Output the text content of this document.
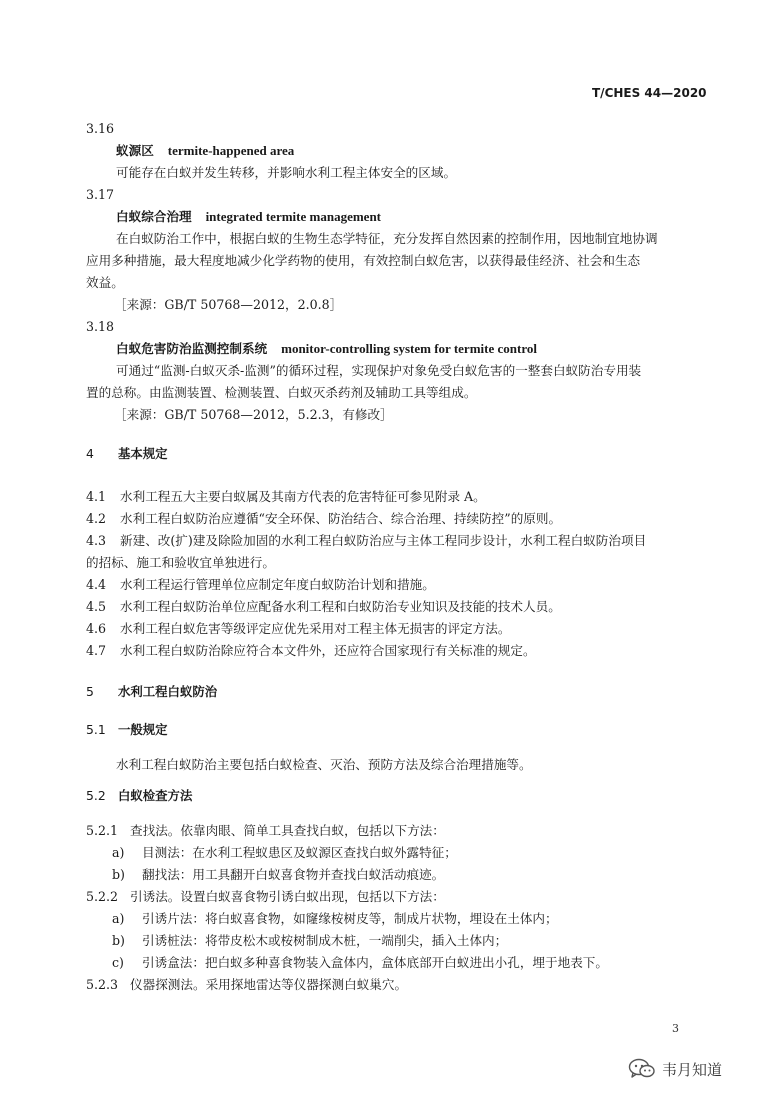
T/CHES 44—2020
3.16
蚁源区 termite-happened area
可能存在白蚁并发生转移，并影响水利工程主体安全的区域。
3.17
白蚁综合治理 integrated termite management
在白蚁防治工作中，根据白蚁的生物生态学特征，充分发挥自然因素的控制作用，因地制宜地协调
应用多种措施，最大程度地减少化学药物的使用，有效控制白蚁危害，以获得最佳经济、社会和生态
效益。
［来源：GB/T 50768—2012，2.0.8］
3.18
白蚁危害防治监测控制系统 monitor-controlling system for termite control
可通过“监测-白蚁灭杀-监测”的循环过程，实现保护对象免受白蚁危害的一整套白蚁防治专用装
置的总称。由监测装置、检测装置、白蚁灭杀药剂及辅助工具等组成。
［来源：GB/T 50768—2012，5.2.3，有修改］
4 基本规定
4.1 水利工程五大主要白蚁属及其南方代表的危害特征可参见附录 A。
4.2 水利工程白蚁防治应遵循“安全环保、防治结合、综合治理、持续防控”的原则。
4.3 新建、改(扩)建及除险加固的水利工程白蚁防治应与主体工程同步设计，水利工程白蚁防治项目
的招标、施工和验收宜单独进行。
4.4 水利工程运行管理单位应制定年度白蚁防治计划和措施。
4.5 水利工程白蚁防治单位应配备水利工程和白蚁防治专业知识及技能的技术人员。
4.6 水利工程白蚁危害等级评定应优先采用对工程主体无损害的评定方法。
4.7 水利工程白蚁防治除应符合本文件外，还应符合国家现行有关标准的规定。
5 水利工程白蚁防治
5.1 一般规定
水利工程白蚁防治主要包括白蚁检查、灭治、预防方法及综合治理措施等。
5.2 白蚁检查方法
5.2.1 查找法。依靠肉眼、简单工具查找白蚁，包括以下方法：
a) 目测法：在水利工程蚁患区及蚁源区查找白蚁外露特征；
b) 翻找法：用工具翻开白蚁喜食物并查找白蚁活动痕迹。
5.2.2 引诱法。设置白蚁喜食物引诱白蚁出现，包括以下方法：
a) 引诱片法：将白蚁喜食物，如窿缘桉树皮等，制成片状物，埋设在土体内；
b) 引诱桩法：将带皮松木或桉树制成木桩，一端削尖，插入土体内；
c) 引诱盒法：把白蚁多种喜食物装入盒体内，盒体底部开白蚁进出小孔，埋于地表下。
5.2.3 仪器探测法。采用探地雷达等仪器探测白蚁巢穴。
3
韦月知道
